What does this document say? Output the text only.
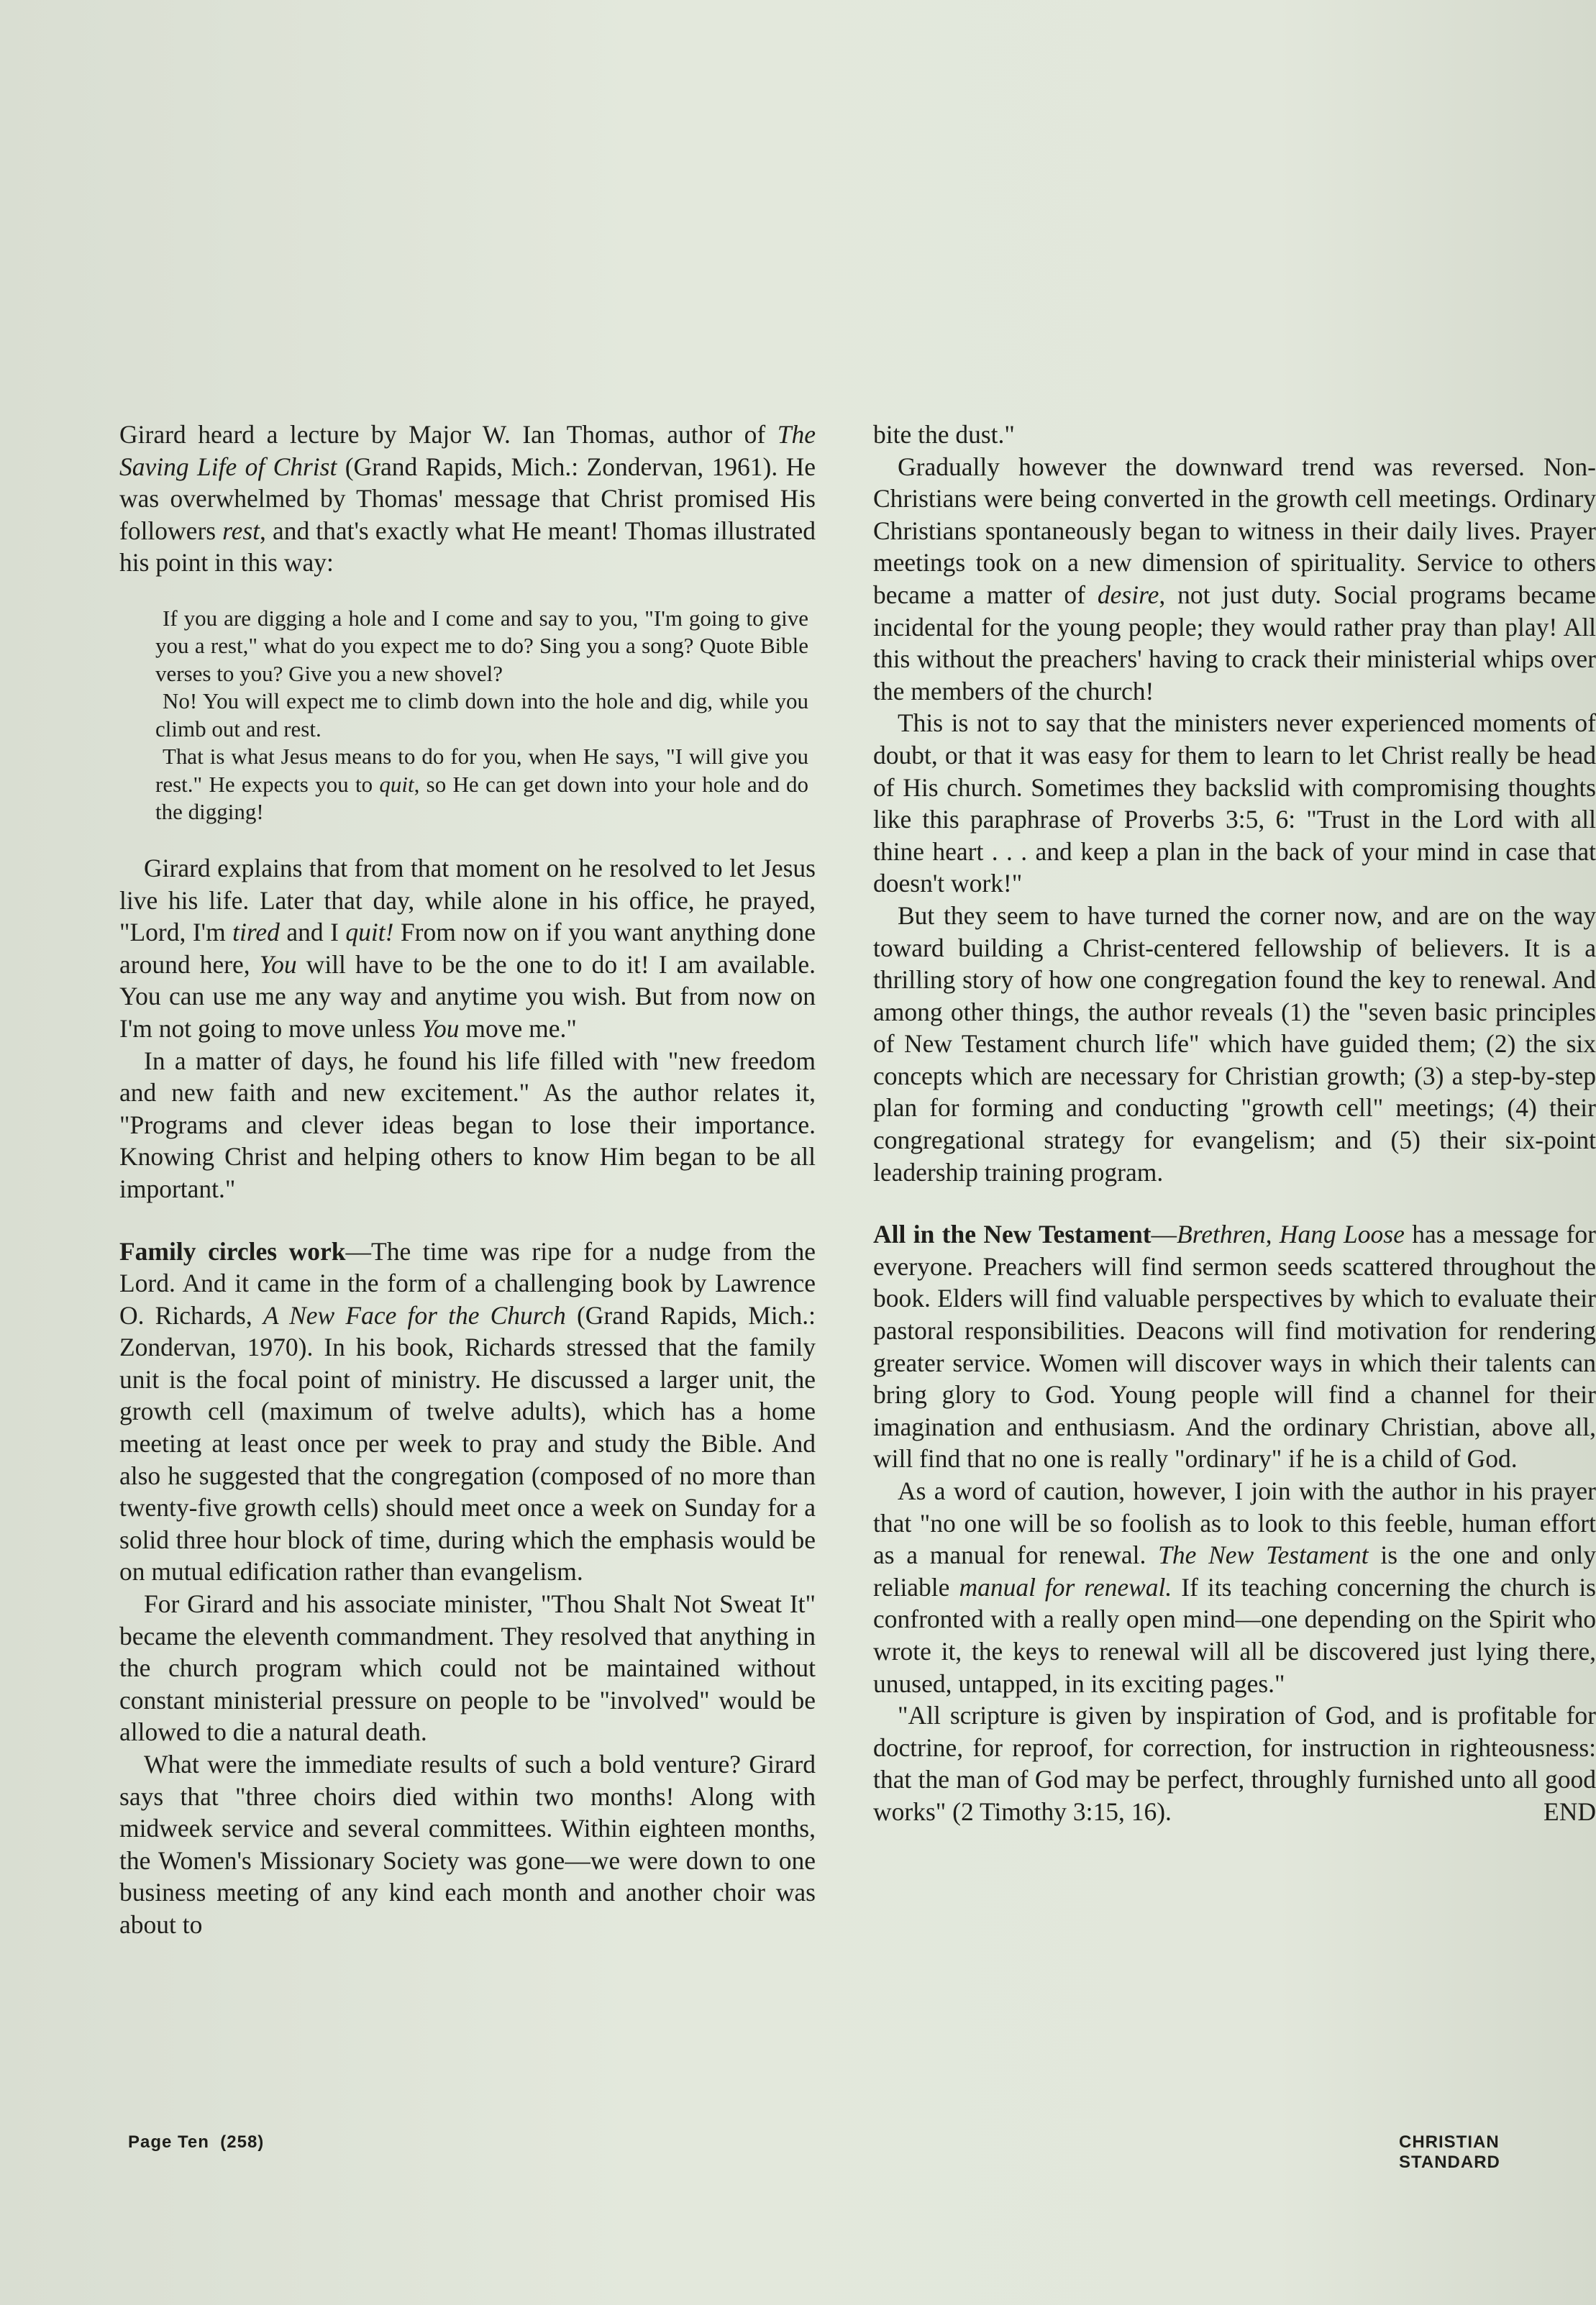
Girard heard a lecture by Major W. Ian Thomas, author of The Saving Life of Christ (Grand Rapids, Mich.: Zondervan, 1961). He was overwhelmed by Thomas' message that Christ promised His followers rest, and that's exactly what He meant! Thomas illustrated his point in this way:

If you are digging a hole and I come and say to you, "I'm going to give you a rest," what do you expect me to do? Sing you a song? Quote Bible verses to you? Give you a new shovel?

No! You will expect me to climb down into the hole and dig, while you climb out and rest.

That is what Jesus means to do for you, when He says, "I will give you rest." He expects you to quit, so He can get down into your hole and do the digging!

Girard explains that from that moment on he resolved to let Jesus live his life. Later that day, while alone in his office, he prayed, "Lord, I'm tired and I quit! From now on if you want anything done around here, You will have to be the one to do it! I am available. You can use me any way and anytime you wish. But from now on I'm not going to move unless You move me."

In a matter of days, he found his life filled with "new freedom and new faith and new excitement." As the author relates it, "Programs and clever ideas began to lose their importance. Knowing Christ and helping others to know Him began to be all important."

Family circles work—The time was ripe for a nudge from the Lord. And it came in the form of a challenging book by Lawrence O. Richards, A New Face for the Church (Grand Rapids, Mich.: Zondervan, 1970). In his book, Richards stressed that the family unit is the focal point of ministry. He discussed a larger unit, the growth cell (maximum of twelve adults), which has a home meeting at least once per week to pray and study the Bible. And also he suggested that the congregation (composed of no more than twenty-five growth cells) should meet once a week on Sunday for a solid three hour block of time, during which the emphasis would be on mutual edification rather than evangelism.

For Girard and his associate minister, "Thou Shalt Not Sweat It" became the eleventh commandment. They resolved that anything in the church program which could not be maintained without constant ministerial pressure on people to be "involved" would be allowed to die a natural death.

What were the immediate results of such a bold venture? Girard says that "three choirs died within two months! Along with midweek service and several committees. Within eighteen months, the Women's Missionary Society was gone—we were down to one business meeting of any kind each month and another choir was about to

bite the dust."

Gradually however the downward trend was reversed. Non-Christians were being converted in the growth cell meetings. Ordinary Christians spontaneously began to witness in their daily lives. Prayer meetings took on a new dimension of spirituality. Service to others became a matter of desire, not just duty. Social programs became incidental for the young people; they would rather pray than play! All this without the preachers' having to crack their ministerial whips over the members of the church!

This is not to say that the ministers never experienced moments of doubt, or that it was easy for them to learn to let Christ really be head of His church. Sometimes they backslid with compromising thoughts like this paraphrase of Proverbs 3:5, 6: "Trust in the Lord with all thine heart . . . and keep a plan in the back of your mind in case that doesn't work!"

But they seem to have turned the corner now, and are on the way toward building a Christ-centered fellowship of believers. It is a thrilling story of how one congregation found the key to renewal. And among other things, the author reveals (1) the "seven basic principles of New Testament church life" which have guided them; (2) the six concepts which are necessary for Christian growth; (3) a step-by-step plan for forming and conducting "growth cell" meetings; (4) their congregational strategy for evangelism; and (5) their six-point leadership training program.

All in the New Testament—Brethren, Hang Loose has a message for everyone. Preachers will find sermon seeds scattered throughout the book. Elders will find valuable perspectives by which to evaluate their pastoral responsibilities. Deacons will find motivation for rendering greater service. Women will discover ways in which their talents can bring glory to God. Young people will find a channel for their imagination and enthusiasm. And the ordinary Christian, above all, will find that no one is really "ordinary" if he is a child of God.

As a word of caution, however, I join with the author in his prayer that "no one will be so foolish as to look to this feeble, human effort as a manual for renewal. The New Testament is the one and only reliable manual for renewal. If its teaching concerning the church is confronted with a really open mind—one depending on the Spirit who wrote it, the keys to renewal will all be discovered just lying there, unused, untapped, in its exciting pages."

"All scripture is given by inspiration of God, and is profitable for doctrine, for reproof, for correction, for instruction in righteousness: that the man of God may be perfect, throughly furnished unto all good works" (2 Timothy 3:15, 16).	END

Page Ten  (258)	CHRISTIAN STANDARD
